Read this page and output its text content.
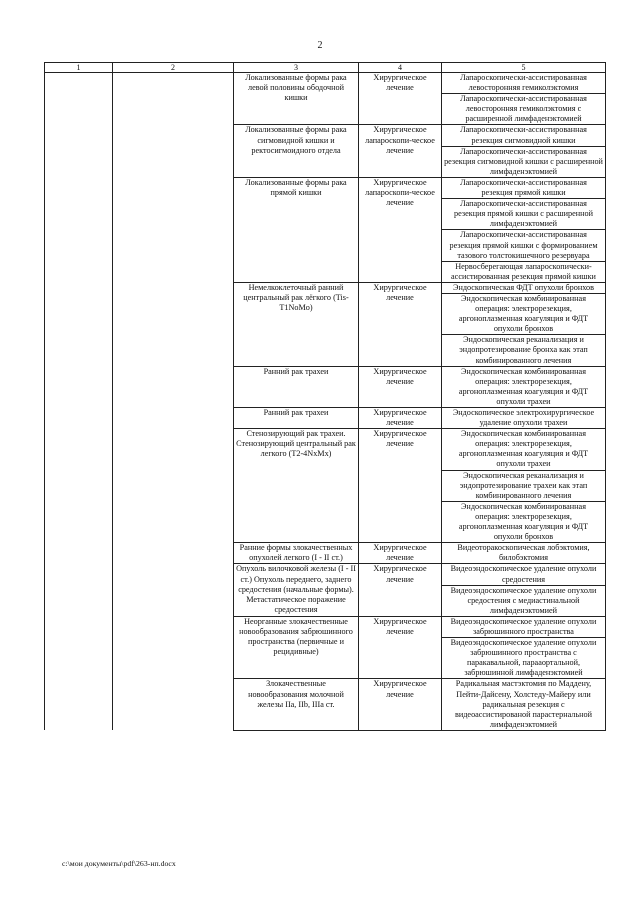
2
1	2	3	4	5
		Локализованные формы рака левой половины ободочной кишки	Хирургическое лечение	Лапароскопически-ассистированная левосторонняя гемиколэктомия
				Лапароскопически-ассистированная левосторонняя гемиколэктомия с расширенной лимфаденэктомией
		Локализованные формы рака сигмовидной кишки и ректосигмоидного отдела	Хирургическое лапароскопи-ческое лечение	Лапароскопически-ассистированная резекция сигмовидной кишки
				Лапароскопически-ассистированная резекция сигмовидной кишки с расширенной лимфаденэктомией
		Локализованные формы рака прямой кишки	Хирургическое лапароскопи-ческое лечение	Лапароскопически-ассистированная резекция прямой кишки
				Лапароскопически-ассистированная резекция прямой кишки с расширенной лимфаденэктомией
				Лапароскопически-ассистированная резекция прямой кишки с формированием тазового толстокишечного резервуара
				Нервосберегающая лапароскопически-ассистированная резекция прямой кишки
		Немелкоклеточный ранний центральный рак лёгкого (Tis-T1NoMo)	Хирургическое лечение	Эндоскопическая ФДТ опухоли бронхов
				Эндоскопическая комбинированная операция: электрорезекция, аргоноплазменная коагуляция и ФДТ опухоли бронхов
				Эндоскопическая реканализация и эндопротезирование бронха как этап комбинированного лечения
		Ранний рак трахеи	Хирургическое лечение	Эндоскопическая комбинированная операция: электрорезекция, аргоноплазменная коагуляция и ФДТ опухоли трахеи
		Ранний рак трахеи	Хирургическое лечение	Эндоскопическое электрохирургическое удаление опухоли трахеи
		Стенозирующий рак трахеи. Стенозирующий центральный рак легкого (T2-4NxMx)	Хирургическое лечение	Эндоскопическая комбинированная операция: электрорезекция, аргоноплазменная коагуляция и ФДТ опухоли трахеи
				Эндоскопическая реканализация и эндопротезирование трахеи как этап комбинированного лечения
				Эндоскопическая комбинированная операция: электрорезекция, аргоноплазменная коагуляция и ФДТ опухоли бронхов
		Ранние формы злокачественных опухолей легкого (I - II ст.)	Хирургическое лечение	Видеоторакоскопическая лобэктомия, билобэктомия
		Опухоль вилочковой железы (I - II ст.) Опухоль переднего, заднего средостения (начальные формы). Метастатическое поражение средостения	Хирургическое лечение	Видеоэндоскопическое удаление опухоли средостения
				Видеоэндоскопическое удаление опухоли средостения с медиастинальной лимфаденэктомией
		Неорганные злокачественные новообразования забрюшинного пространства (первичные и рецидивные)	Хирургическое лечение	Видеоэндоскопическое удаление опухоли забрюшинного пространства
				Видеоэндоскопическое удаление опухоли забрюшинного пространства с паракавальной, парааортальной, забрюшинной лимфаденэктомией
		Злокачественные новообразования молочной железы IIa, IIb, IIIa ст.	Хирургическое лечение	Радикальная мастэктомия по Маддену, Пейти-Дайсену, Холстеду-Майеру или радикальная резекция с видеоассистированой парастернальной лимфаденэктомией
c:\мои документы\pdf\263-нп.docx
